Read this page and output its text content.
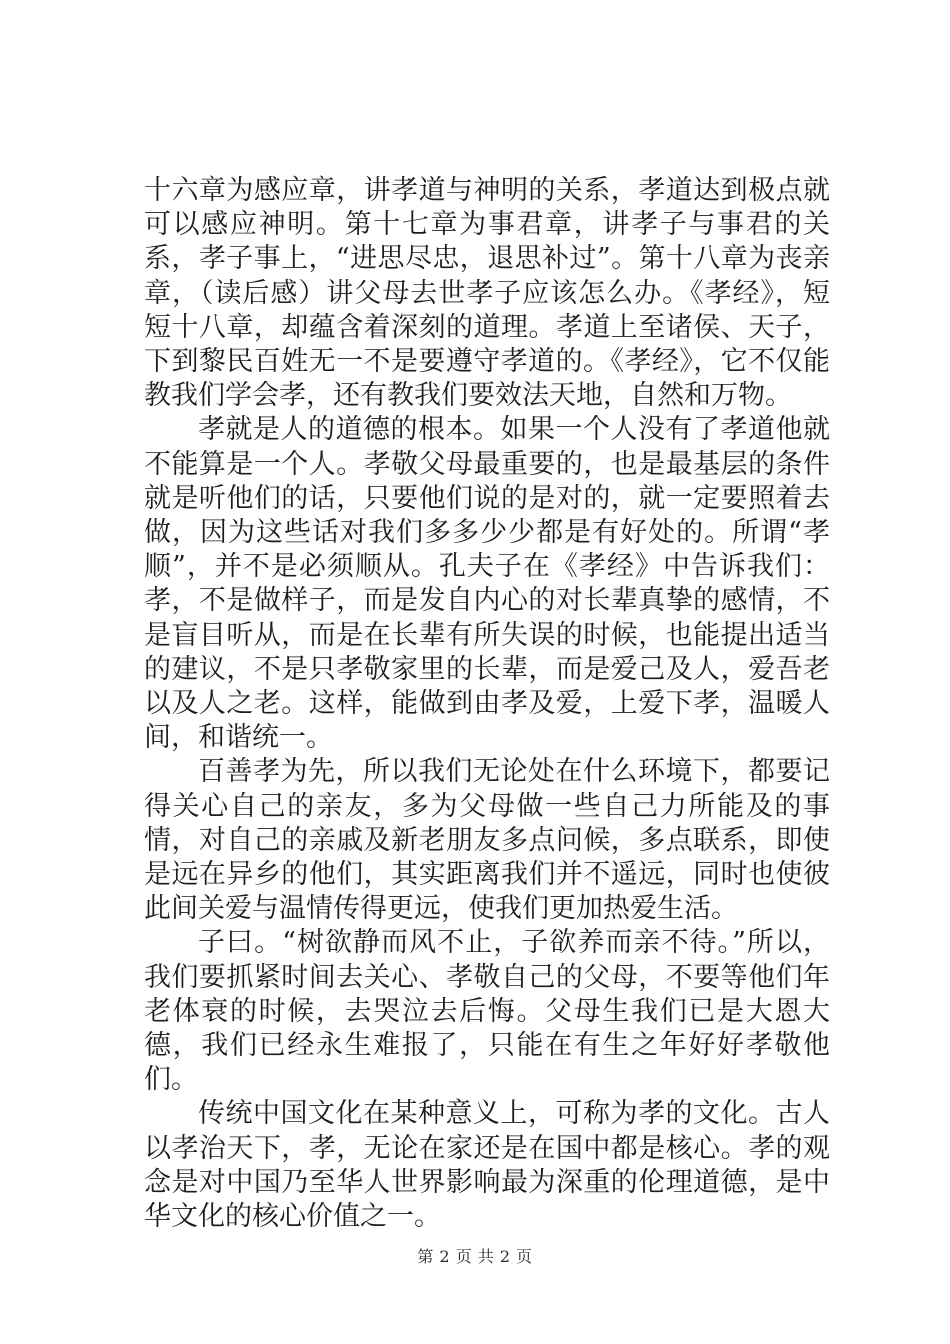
十六章为感应章，讲孝道与神明的关系，孝道达到极点就可以感应神明。第十七章为事君章，讲孝子与事君的关系，孝子事上，“进思尽忠，退思补过”。第十八章为丧亲章，（读后感）讲父母去世孝子应该怎么办。《孝经》，短短十八章，却蕴含着深刻的道理。孝道上至诸侯、天子，下到黎民百姓无一不是要遵守孝道的。《孝经》，它不仅能教我们学会孝，还有教我们要效法天地，自然和万物。

孝就是人的道德的根本。如果一个人没有了孝道他就不能算是一个人。孝敬父母最重要的，也是最基层的条件就是听他们的话，只要他们说的是对的，就一定要照着去做，因为这些话对我们多多少少都是有好处的。所谓“孝顺”，并不是必须顺从。孔夫子在《孝经》中告诉我们：孝，不是做样子，而是发自内心的对长辈真挚的感情，不是盲目听从，而是在长辈有所失误的时候，也能提出适当的建议，不是只孝敬家里的长辈，而是爱己及人，爱吾老以及人之老。这样，能做到由孝及爱，上爱下孝，温暖人间，和谐统一。

百善孝为先，所以我们无论处在什么环境下，都要记得关心自己的亲友，多为父母做一些自己力所能及的事情，对自己的亲戚及新老朋友多点问候，多点联系，即使是远在异乡的他们，其实距离我们并不遥远，同时也使彼此间关爱与温情传得更远，使我们更加热爱生活。

子曰。“树欲静而风不止，子欲养而亲不待。”所以，我们要抓紧时间去关心、孝敬自己的父母，不要等他们年老体衰的时候，去哭泣去后悔。父母生我们已是大恩大德，我们已经永生难报了，只能在有生之年好好孝敬他们。

传统中国文化在某种意义上，可称为孝的文化。古人以孝治天下，孝，无论在家还是在国中都是核心。孝的观念是对中国乃至华人世界影响最为深重的伦理道德，是中华文化的核心价值之一。

第 2 页 共 2 页
